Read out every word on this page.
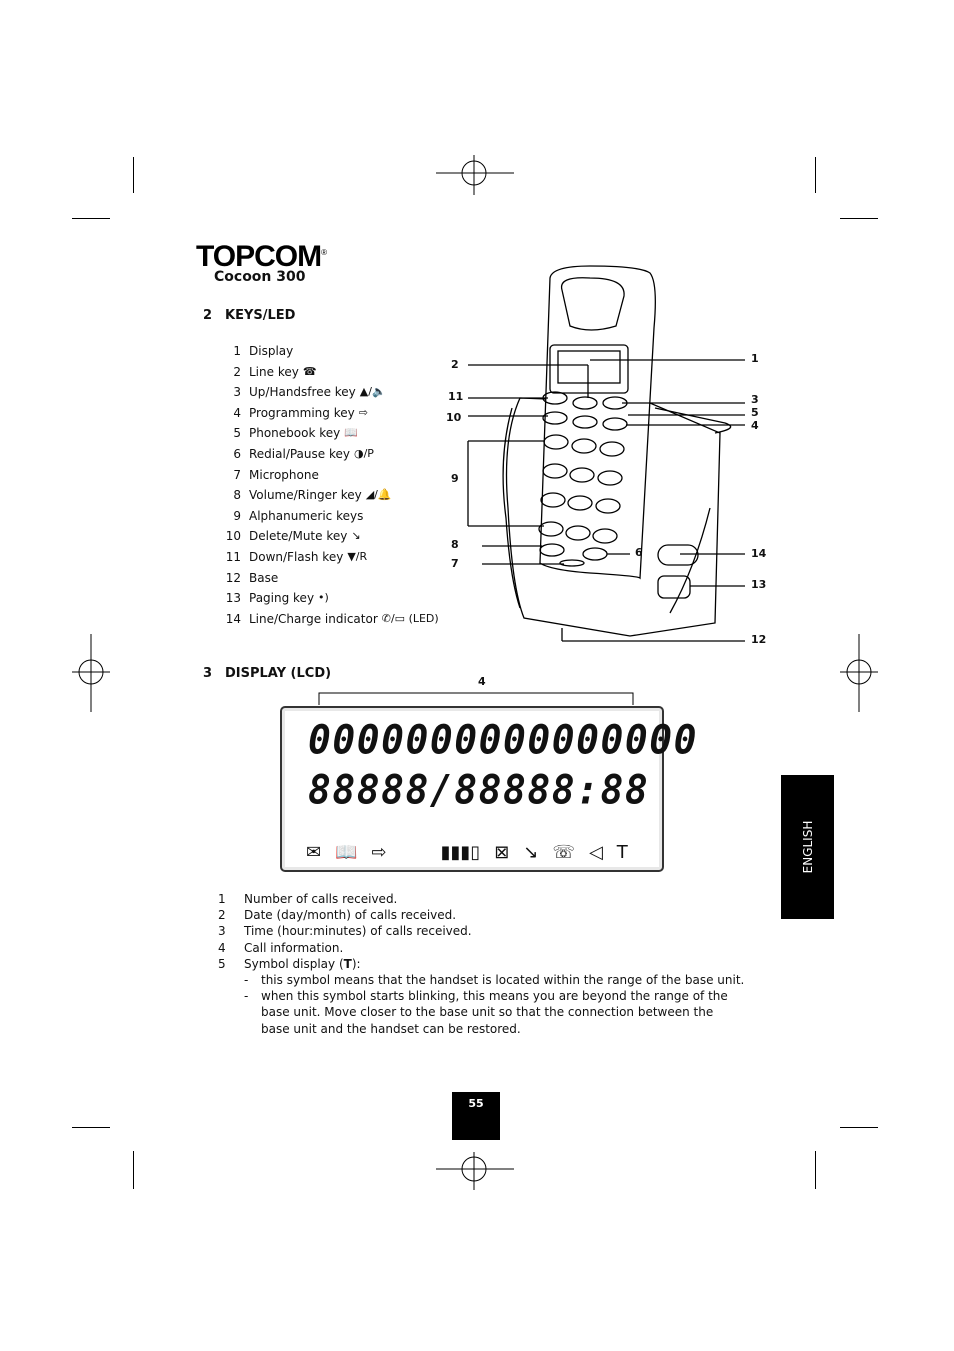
TOPCOM®
Cocoon 300
2 KEYS/LED
1 Display
2 Line key ☎
3 Up/Handsfree key ▲/🔈
4 Programming key ⇨
5 Phonebook key 📖
6 Redial/Pause key ◑/P
7 Microphone
8 Volume/Ringer key ◢/🔔
9 Alphanumeric keys
10 Delete/Mute key ↘
11 Down/Flash key ▼/R
12 Base
13 Paging key •)
14 Line/Charge indicator ✆/▭ (LED)
1
2
3
4
5
6
7
8
9
10
11
12
13
14
3 DISPLAY (LCD)
4
0000000000000000
88888/88888:88
✉ 📖 ⇨	▮▮▮▯ ⊠ ↘ ☏ ◁ T
1	Number of calls received.
2	Date (day/month) of calls received.
3	Time (hour:minutes) of calls received.
4	Call information.
5	Symbol display (T):
-	this symbol means that the handset is located within the range of the base unit.
-	when this symbol starts blinking, this means you are beyond the range of the base unit. Move closer to the base unit so that the connection between the base unit and the handset can be restored.
ENGLISH
55
